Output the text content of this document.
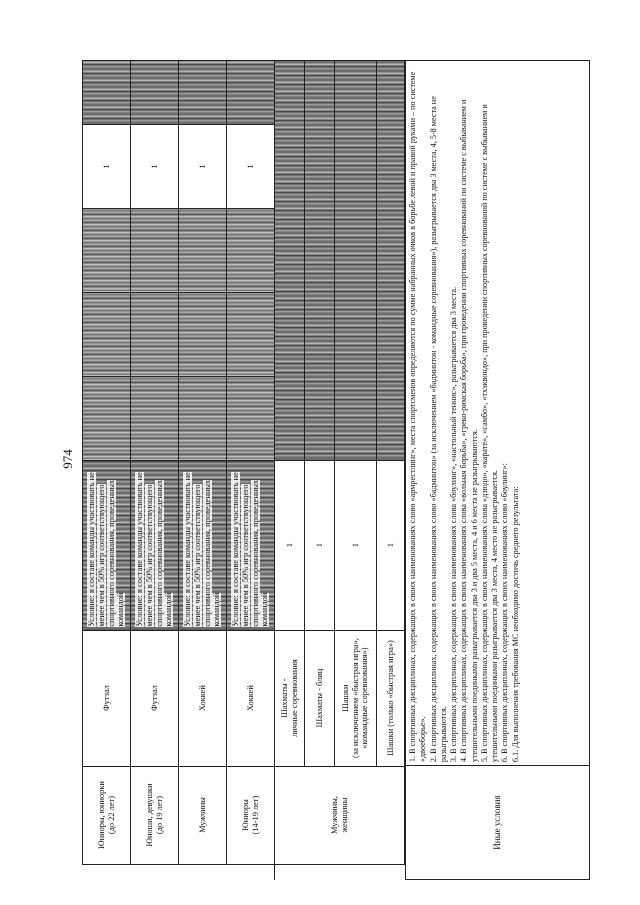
974
	Юниоры, юниорки
(до 22 лет)	Футзал	Условие: в составе команды участвовать не менее чем в 50% игр соответствующего спортивного соревнования, проведенных командой				1	
	Юноши, девушки
(до 19 лет)	Футзал	Условие: в составе команды участвовать не менее чем в 50% игр соответствующего спортивного соревнования, проведенных командой				1	
	Мужчины	Хоккей	Условие: в составе команды участвовать не менее чем в 50% игр соответствующего спортивного соревнования, проведенных командой				1	
	Юниоры
(14-19 лет)	Хоккей	Условие: в составе команды участвовать не менее чем в 50% игр соответствующего спортивного соревнования, проведенных командой				1	
	Мужчины,
женщины	Шахматы -
личные соревнования	1					
		Шахматы - блиц	1					
		Шашки
(за исключением «быстрая игра»,
«командные соревнования»)	1					
		Шашки (только «быстрая игра»)	1					
Иные условия	
1. В спортивных дисциплинах, содержащих в своих наименованиях слово «армрестлинг», места спортсменов определяются по сумме набранных очков в борьбе левой и правой руками – по системе «двоеборье». 2. В спортивных дисциплинах, содержащих в своих наименованиях слово «бадминтон» (за исключением «бадминтон - командные соревнования»), разыгрывается два 3 места, 4, 5-8 места не разыгрываются. 3. В спортивных дисциплинах, содержащих в своих наименованиях слова «боулинг», «настольный теннис», разыгрывается два 3 места. 4. В спортивных дисциплинах, содержащих в своих наименованиях слова «вольная борьба», «греко-римская борьба», при проведении спортивных соревнований по системе с выбыванием и утешительными поединками разыгрывается два 3 и два 5 места, 4 и 6 места не разыгрываются. 5. В спортивных дисциплинах, содержащих в своих наименованиях слова «дзюдо», «карате», «самбо», «тхэквондо», при проведении спортивных соревнований по системе с выбыванием и утешительными поединками разыгрывается два 3 места, 4 место не разыгрывается. 6. В спортивных дисциплинах, содержащих в своих наименованиях слово «боулинг»: 6.1. Для выполнения требования МС необходимо достичь среднего результата:
